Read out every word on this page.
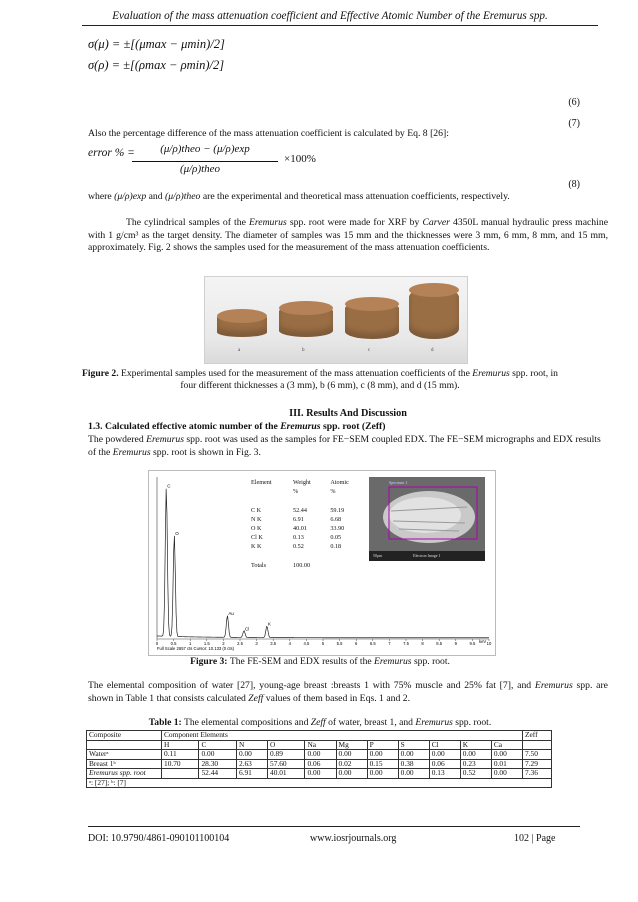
Evaluation of the mass attenuation coefficient and Effective Atomic Number of the Eremurus spp.
σ(μ) = ±[(μmax − μmin)/2]
(6)
σ(ρ) = ±[(ρmax − ρmin)/2]
(7)
Also the percentage difference of the mass attenuation coefficient is calculated by Eq. 8 [26]:
error % =	(μ/ρ)theo − (μ/ρ)exp
(μ/ρ)theo
×100%
(8)
where (μ/ρ)exp and (μ/ρ)theo are the experimental and theoretical mass attenuation coefficients, respectively.
The cylindrical samples of the Eremurus spp. root were made for XRF by Carver 4350L manual hydraulic press machine with 1 g/cm³ as the target density. The diameter of samples was 15 mm and the thicknesses were 3 mm, 6 mm, 8 mm, and 15 mm, approximately. Fig. 2 shows the samples used for the measurement of the mass attenuation coefficients.
a	b	c	d
Figure 2. Experimental samples used for the measurement of the mass attenuation coefficients of the Eremurus spp. root, in four different thicknesses a (3 mm), b (6 mm), c (8 mm), and d (15 mm).
III. Results And Discussion
1.3. Calculated effective atomic number of the Eremurus spp. root (Zeff)
The powdered Eremurus spp. root was used as the samples for FE−SEM coupled EDX. The FE−SEM micrographs and EDX results of the Eremurus spp. root is shown in Fig. 3.
0	0.5	1	1.5	2	2.5	3	3.5	4	4.5	5	5.5	6	6.5	7	7.5	8	8.5	9	9.5	10
C
O
Au
Cl
K
Full Scale 2657 cts Cursor: 10.133 (0 cts)
keV
Element	Weight	Atomic
	%	%

C K	52.44	59.19
N K	6.91	6.68
O K	40.01	33.90
Cl K	0.13	0.05
K K	0.52	0.18

Totals	100.00	
Spectrum 1
50μm	Electron Image 1
Figure 3: The FE-SEM and EDX results of the Eremurus spp. root.
The elemental composition of water [27], young-age breast :breasts 1 with 75% muscle and 25% fat [7], and Eremurus spp. are shown in Table 1 that consists calculated Zeff values of them based in Eqs. 1 and 2.
Table 1: The elemental compositions and Zeff of water, breast 1, and Eremurus spp. root.
Composite	Component Elements											Zeff
	H	C	N	O	Na	Mg	P	S	Cl	K	Ca	
Waterᵃ	0.11	0.00	0.00	0.89	0.00	0.00	0.00	0.00	0.00	0.00	0.00	7.50
Breast 1ᵇ	10.70	28.30	2.63	57.60	0.06	0.02	0.15	0.38	0.06	0.23	0.01	7.29
Eremurus spp. root		52.44	6.91	40.01	0.00	0.00	0.00	0.00	0.13	0.52	0.00	7.36
ᵃ: [27]; ᵇ: [7]												
DOI: 10.9790/4861-090101100104	www.iosrjournals.org	102 | Page
